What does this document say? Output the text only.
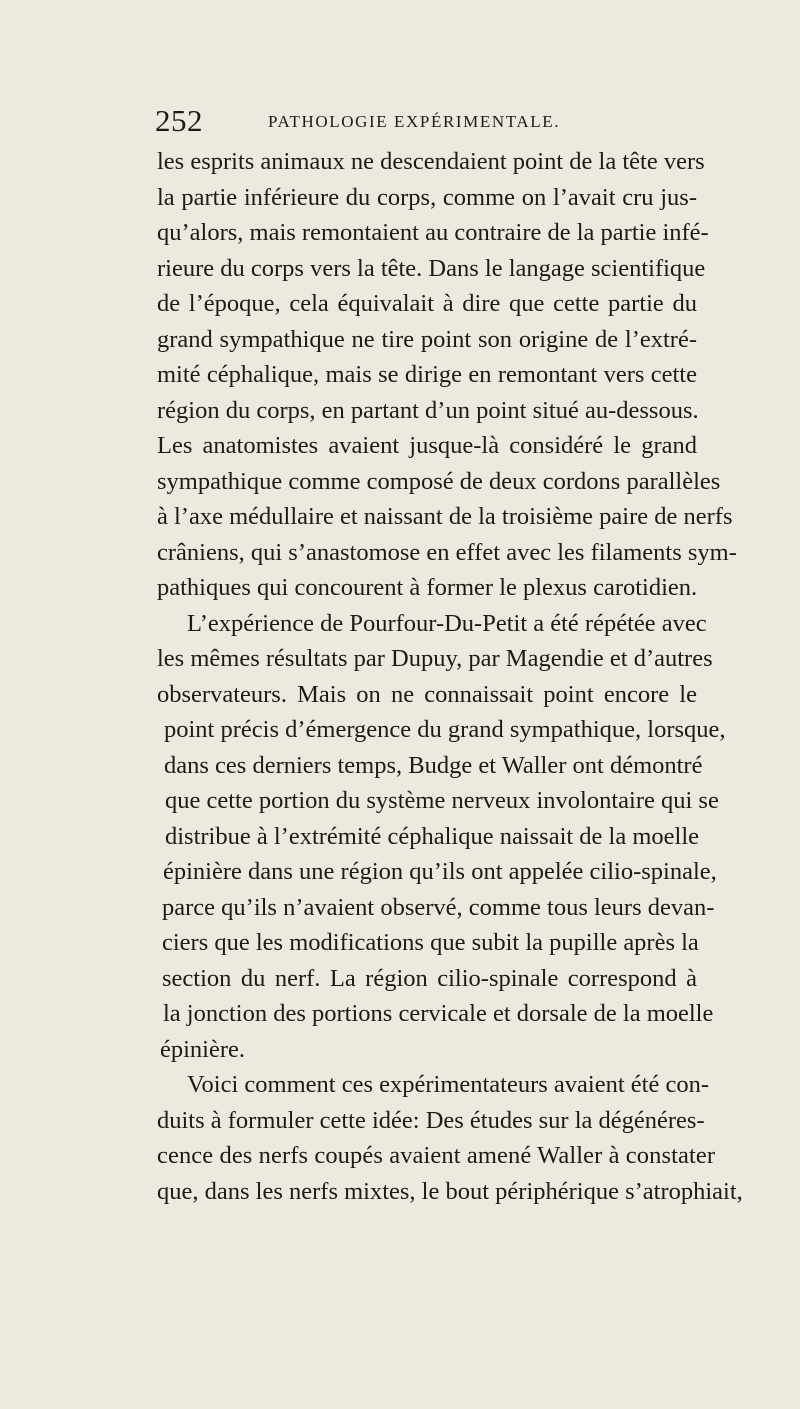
252	PATHOLOGIE EXPÉRIMENTALE.
les esprits animaux ne descendaient point de la tête vers
la partie inférieure du corps, comme on l’avait cru jus-
qu’alors, mais remontaient au contraire de la partie infé-
rieure du corps vers la tête. Dans le langage scientifique
de l’époque, cela équivalait à dire que cette partie du
grand sympathique ne tire point son origine de l’extré-
mité céphalique, mais se dirige en remontant vers cette
région du corps, en partant d’un point situé au-dessous.
Les anatomistes avaient jusque-là considéré le grand
sympathique comme composé de deux cordons parallèles
à l’axe médullaire et naissant de la troisième paire de nerfs
crâniens, qui s’anastomose en effet avec les filaments sym-
pathiques qui concourent à former le plexus carotidien.
L’expérience de Pourfour-Du-Petit a été répétée avec
les mêmes résultats par Dupuy, par Magendie et d’autres
observateurs. Mais on ne connaissait point encore le
point précis d’émergence du grand sympathique, lorsque,
dans ces derniers temps, Budge et Waller ont démontré
que cette portion du système nerveux involontaire qui se
distribue à l’extrémité céphalique naissait de la moelle
épinière dans une région qu’ils ont appelée cilio-spinale,
parce qu’ils n’avaient observé, comme tous leurs devan-
ciers que les modifications que subit la pupille après la
section du nerf. La région cilio-spinale correspond à
la jonction des portions cervicale et dorsale de la moelle
épinière.
Voici comment ces expérimentateurs avaient été con-
duits à formuler cette idée: Des études sur la dégénéres-
cence des nerfs coupés avaient amené Waller à constater
que, dans les nerfs mixtes, le bout périphérique s’atrophiait,
